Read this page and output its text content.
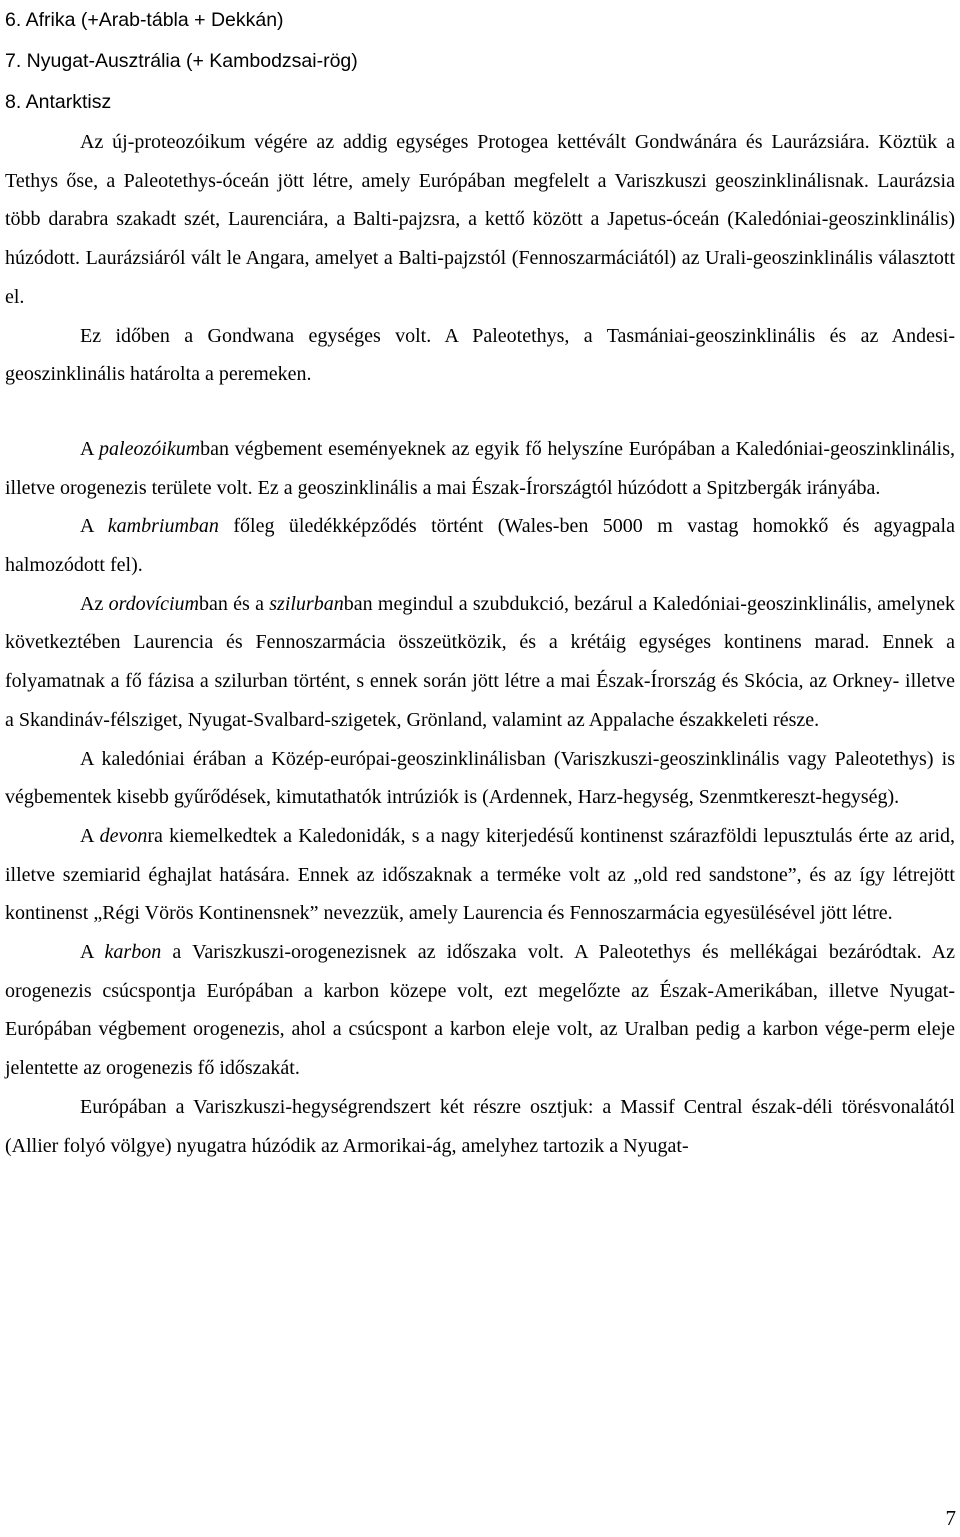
6. Afrika (+Arab-tábla + Dekkán)
7. Nyugat-Ausztrália (+ Kambodzsai-rög)
8. Antarktisz

Az új-proteozóikum végére az addig egységes Protogea kettévált Gondwánára és Laurázsiára. Köztük a Tethys őse, a Paleotethys-óceán jött létre, amely Európában megfelelt a Variszkuszi geoszinklinálisnak. Laurázsia több darabra szakadt szét, Laurenciára, a Balti-pajzsra, a kettő között a Japetus-óceán (Kaledóniai-geoszinklinális) húzódott. Laurázsiáról vált le Angara, amelyet a Balti-pajzstól (Fennoszarmáciától) az Urali-geoszinklinális választott el.

Ez időben a Gondwana egységes volt. A Paleotethys, a Tasmániai-geoszinklinális és az Andesi-geoszinklinális határolta a peremeken.

A paleozóikumban végbement eseményeknek az egyik fő helyszíne Európában a Kaledóniai-geoszinklinális, illetve orogenezis területe volt. Ez a geoszinklinális a mai Észak-Írországtól húzódott a Spitzbergák irányába.

A kambriumban főleg üledékképződés történt (Wales-ben 5000 m vastag homokkő és agyagpala halmozódott fel).

Az ordovíciumban és a szilurbanban megindul a szubdukció, bezárul a Kaledóniai-geoszinklinális, amelynek következtében Laurencia és Fennoszarmácia összeütközik, és a krétáig egységes kontinens marad. Ennek a folyamatnak a fő fázisa a szilurban történt, s ennek során jött létre a mai Észak-Írország és Skócia, az Orkney- illetve a Skandináv-félsziget, Nyugat-Svalbard-szigetek, Grönland, valamint az Appalache északkeleti része.

A kaledóniai érában a Közép-európai-geoszinklinálisban (Variszkuszi-geoszinklinális vagy Paleotethys) is végbementek kisebb gyűrődések, kimutathatók intrúziók is (Ardennek, Harz-hegység, Szenmtkereszt-hegység).

A devonra kiemelkedtek a Kaledonidák, s a nagy kiterjedésű kontinenst szárazföldi lepusztulás érte az arid, illetve szemiarid éghajlat hatására. Ennek az időszaknak a terméke volt az „old red sandstone”, és az így létrejött kontinenst „Régi Vörös Kontinensnek” nevezzük, amely Laurencia és Fennoszarmácia egyesülésével jött létre.

A karbon a Variszkuszi-orogenezisnek az időszaka volt. A Paleotethys és mellékágai bezáródtak. Az orogenezis csúcspontja Európában a karbon közepe volt, ezt megelőzte az Észak-Amerikában, illetve Nyugat-Európában végbement orogenezis, ahol a csúcspont a karbon eleje volt, az Uralban pedig a karbon vége-perm eleje jelentette az orogenezis fő időszakát.

Európában a Variszkuszi-hegységrendszert két részre osztjuk: a Massif Central észak-déli törésvonalától (Allier folyó völgye) nyugatra húzódik az Armorikai-ág, amelyhez tartozik a Nyugat-

7
